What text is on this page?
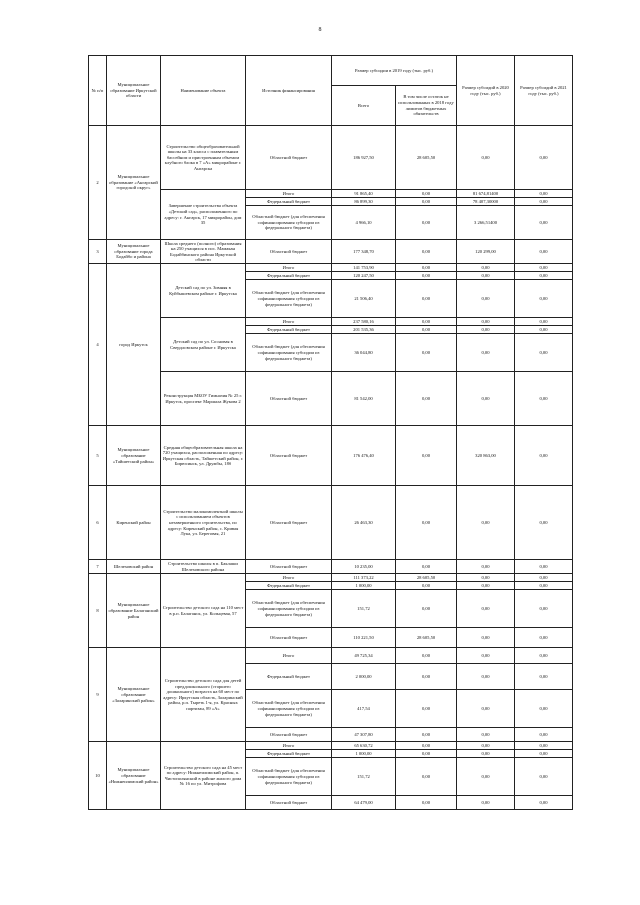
8
№ п/п	Муниципальное образование Иркутской области	Наименование объекта	Источник финансирования	Размер субсидии в 2019 году (тыс. руб.)		Размер субсидий в 2020 году (тыс. руб.)	Размер субсидий в 2021 году (тыс. руб.)
				Всего	В том числе остаток не использованных в 2018 году лимитов бюджетных обязательств		
2	Муниципальное образование «Ангарский городской округ»	Строительство общеобразовательной школы на 33 класса с плавательным бассейном и пристроенным объемом клубного блока в 7 «А» микрорайоне г. Ангарска	Областной бюджет	186 927,50	28 605,50	0,00	0,00
		Завершение строительства объекта «Детский сад», расположенного по адресу: г. Ангарск, 17 микрорайон, дом 35	Итого	91 865,40	0,00	81 674,81400	0,00
			Федеральный бюджет	86 899,30	0,00	78 407,30000	0,00
			Областной бюджет (для обеспечения софинансирования субсидии из федерального бюджета)	4 966,10	0,00	3 266,51400	0,00
3	Муниципальное образование города Бодайбо и района	Школа среднего (полного) образования на 250 учащихся в пос. Мамакан Бодайбинского района Иркутской области	Областной бюджет	177 348,70	0,00	120 299,00	0,00
4	город Иркутск	Детский сад по ул. Зимняя в Куйбышевском районе г. Иркутска	Итого	141 753,90	0,00	0,00	0,00
			Федеральный бюджет	120 247,50	0,00	0,00	0,00
			Областной бюджет (для обеспечения софинансирования субсидии из федерального бюджета)	21 506,40	0,00	0,00	0,00
		Детский сад по ул. Сосновая в Свердловском районе г. Иркутска	Итого	237 580,16	0,00	0,00	0,00
			Федеральный бюджет	201 535,36	0,00	0,00	0,00
			Областной бюджет (для обеспечения софинансирования субсидии из федерального бюджета)	36 044,80	0,00	0,00	0,00
		Реконструкция МБОУ Гимназия № 25 г. Иркутск, проспект Маршала Жукова 2	Областной бюджет	81 542,00	0,00	0,00	0,00
5	Муниципальное образование «Тайшетский район»	Средняя общеобразовательная школа на 720 учащихся, расположенная по адресу: Иркутская область, Тайшетский район, г. Бирюсинск, ул. Дружбы, 18б	Областной бюджет	176 476,40	0,00	320 863,00	0,00
6	Киренский район	Строительство малокомплектной школы с использованием объектов незавершенного строительства, по адресу: Киренский район, с. Кривая Лука, ул. Береговая, 21	Областной бюджет	26 463,30	0,00	0,00	0,00
7	Шелеховский район	Строительство школы в п. Баклаши Шелеховского района	Областной бюджет	10 235,00	0,00	0,00	0,00
8	Муниципальное образование Балаганский район	Строительство детского сада на 110 мест в р.п. Балаганск, ул. Кольцевая, 57	Итого	111 373,22	28 605,50	0,00	0,00
			Федеральный бюджет	1 000,00	0,00	0,00	0,00
			Областной бюджет (для обеспечения софинансирования субсидии из федерального бюджета)	151,72	0,00	0,00	0,00
			Областной бюджет	110 221,50	28 605,50	0,00	0,00
9	Муниципальное образование «Заларинский район»	Строительство детского сада для детей преддошкольного (старшего дошкольного) возраста на 60 мест по адресу: Иркутская область, Заларинский район, р.п. Тыреть 1-я, ул. Красных партизан, 89 «А»	Итого	49 725,34	0,00	0,00	0,00
			Федеральный бюджет	2 000,00	0,00	0,00	0,00
			Областной бюджет (для обеспечения софинансирования субсидии из федерального бюджета)	417,54	0,00	0,00	0,00
			Областной бюджет	47 307,80	0,00	0,00	0,00
10	Муниципальное образование «Нижнеилимский район»	Строительство детского сада на 45 мест по адресу: Нижнеилимский район, п. Чистополянский в районе жилого дома № 16 по ул. Митрофова	Итого	65 630,72	0,00	0,00	0,00
			Федеральный бюджет	1 000,00	0,00	0,00	0,00
			Областной бюджет (для обеспечения софинансирования субсидии из федерального бюджета)	151,72	0,00	0,00	0,00
			Областной бюджет	64 479,00	0,00	0,00	0,00
